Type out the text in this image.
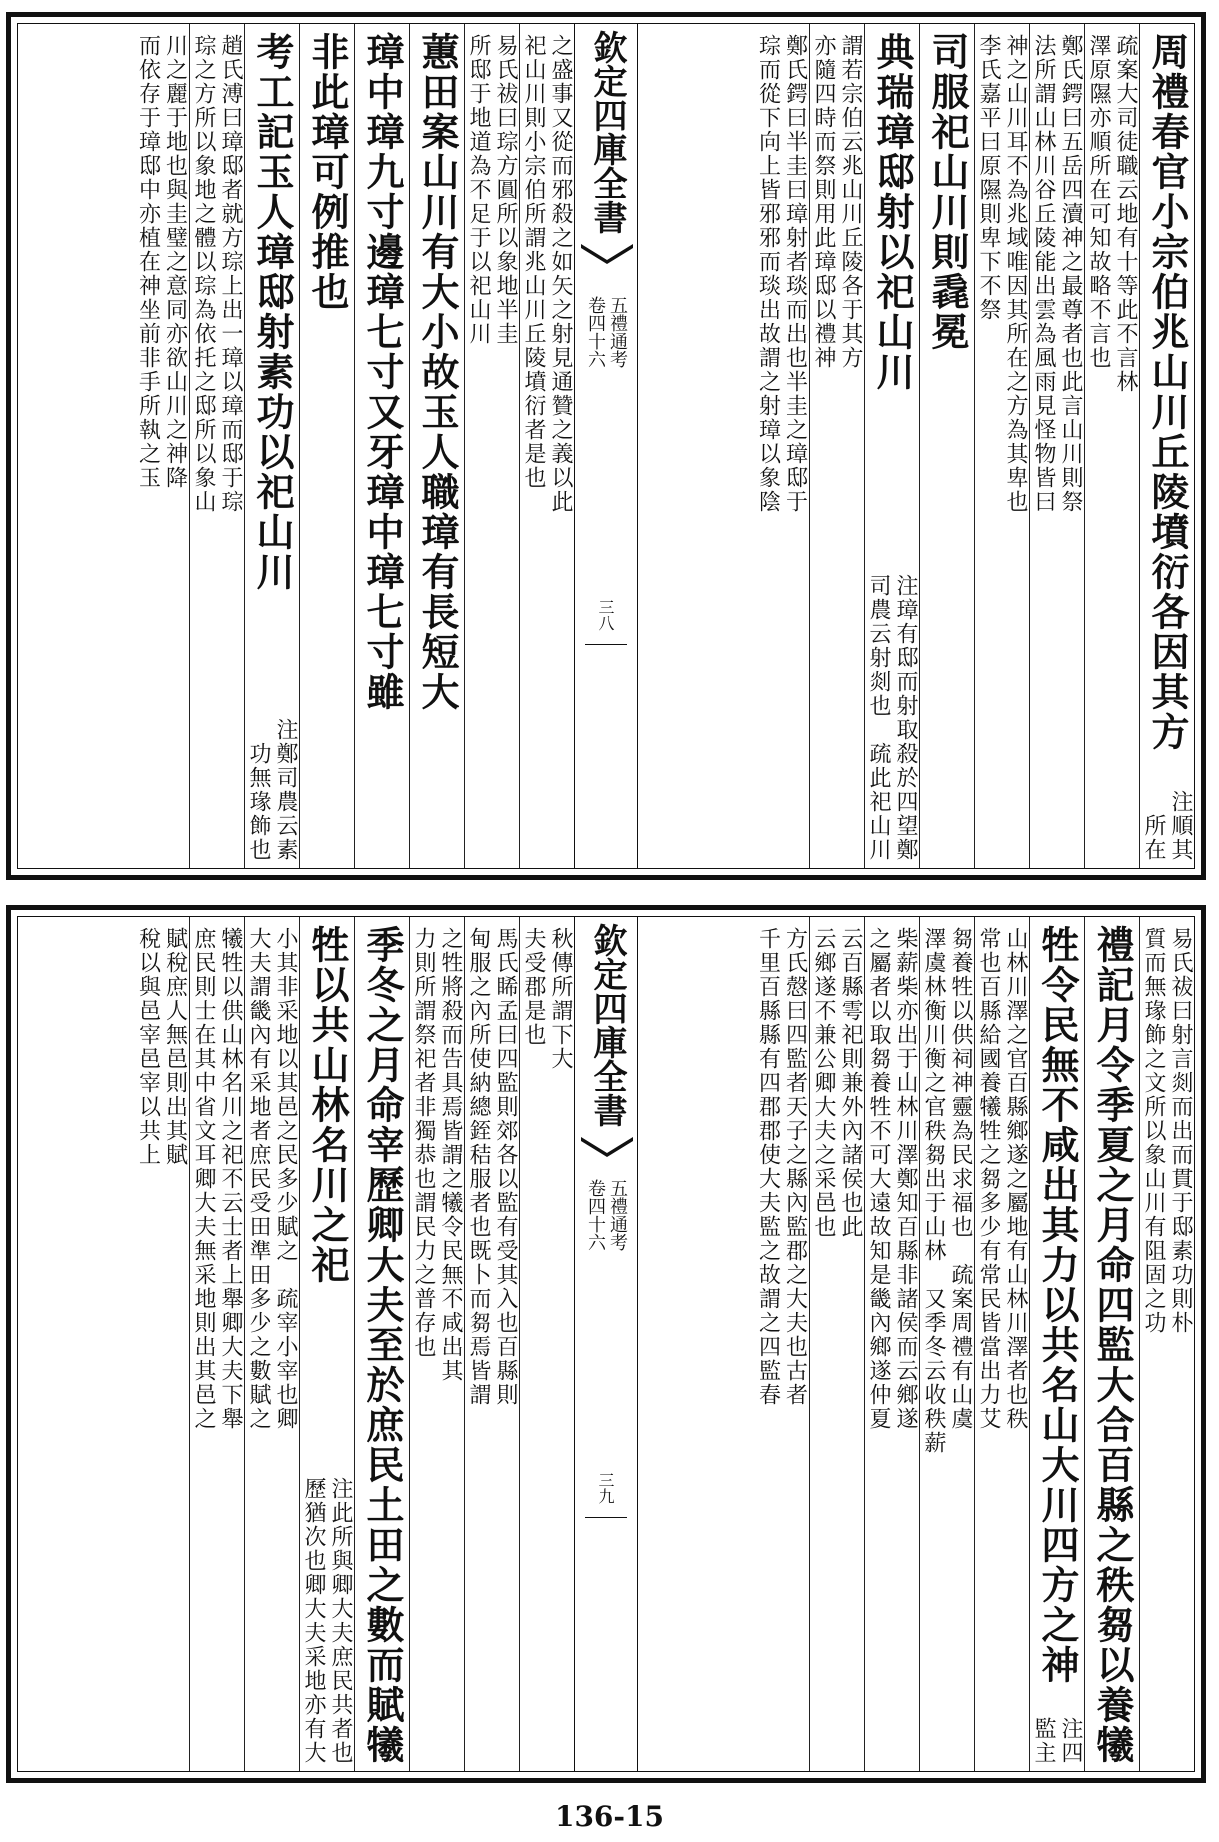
周禮春官小宗伯兆山川丘陵墳衍各因其方
注順其
所在
疏案大司徒職云地有十等此不言林
澤原隰亦順所在可知故略不言也
鄭氏鍔曰五岳四瀆神之最尊者也此言山川則祭
法所謂山林川谷丘陵能出雲為風雨見怪物皆曰
神之山川耳不為兆域唯因其所在之方為其卑也
李氏嘉平曰原隰則卑下不祭
司服祀山川則毳冕
典瑞璋邸射以祀山川
注璋有邸而射取殺於四望鄭
司農云射剡也　疏此祀山川
謂若宗伯云兆山川丘陵各于其方
亦隨四時而祭則用此璋邸以禮神
鄭氏鍔曰半圭曰璋射者琰而出也半圭之璋邸于
琮而從下向上皆邪邪而琰出故謂之射璋以象陰
欽定四庫全書
五禮通考
卷四十六
三八
之盛事又從而邪殺之如矢之射見通贊之義以此
祀山川則小宗伯所謂兆山川丘陵墳衍者是也
易氏祓曰琮方圓所以象地半圭
所邸于地道為不足于以祀山川
蕙田案山川有大小故玉人職璋有長短大
璋中璋九寸邊璋七寸又牙璋中璋七寸雖
非此璋可例推也
考工記玉人璋邸射素功以祀山川
注鄭司農云素
功無瑑飾也
趙氏溥曰璋邸者就方琮上出一璋以璋而邸于琮
琮之方所以象地之體以琮為依托之邸所以象山
川之麗于地也與圭璧之意同亦欲山川之神降
而依存于璋邸中亦植在神坐前非手所執之玉
易氏祓曰射言剡而出而貫于邸素功則朴
質而無瑑飾之文所以象山川有阻固之功
禮記月令季夏之月命四監大合百縣之秩芻以養犧
牲令民無不咸出其力以共名山大川四方之神
注四
監主
山林川澤之官百縣鄉遂之屬地有山林川澤者也秩
常也百縣給國養犧牲之芻多少有常民皆當出力艾
芻養牲以供祠神靈為民求福也　疏案周禮有山虞
澤虞林衡川衡之官秩芻出于山林　又季冬云收秩薪
柴薪柴亦出于山林川澤鄭知百縣非諸侯而云鄉遂
之屬者以取芻養牲不可大遠故知是畿內鄉遂仲夏
云百縣雩祀則兼外內諸侯也此
云鄉遂不兼公卿大夫之采邑也
方氏慤曰四監者天子之縣內監郡之大夫也古者
千里百縣縣有四郡郡使大夫監之故謂之四監春
欽定四庫全書
五禮通考
卷四十六
三九
秋傳所謂下大
夫受郡是也
馬氏睎孟曰四監則郊各以監有受其入也百縣則
甸服之內所使納總銍秸服者也既卜而芻焉皆謂
之牲將殺而告具焉皆謂之犧令民無不咸出其
力則所謂祭祀者非獨恭也謂民力之普存也
季冬之月命宰歷卿大夫至於庶民土田之數而賦犧
牲以共山林名川之祀
注此所與卿大夫庶民共者也
歷猶次也卿大夫采地亦有大
小其非采地以其邑之民多少賦之　疏宰小宰也卿
大夫謂畿內有采地者庶民受田準田多少之數賦之
犧牲以供山林名川之祀不云士者上舉卿大夫下舉
庶民則士在其中省文耳卿大夫無采地則出其邑之
賦稅庶人無邑則出其賦
稅以與邑宰邑宰以共上
136-15
